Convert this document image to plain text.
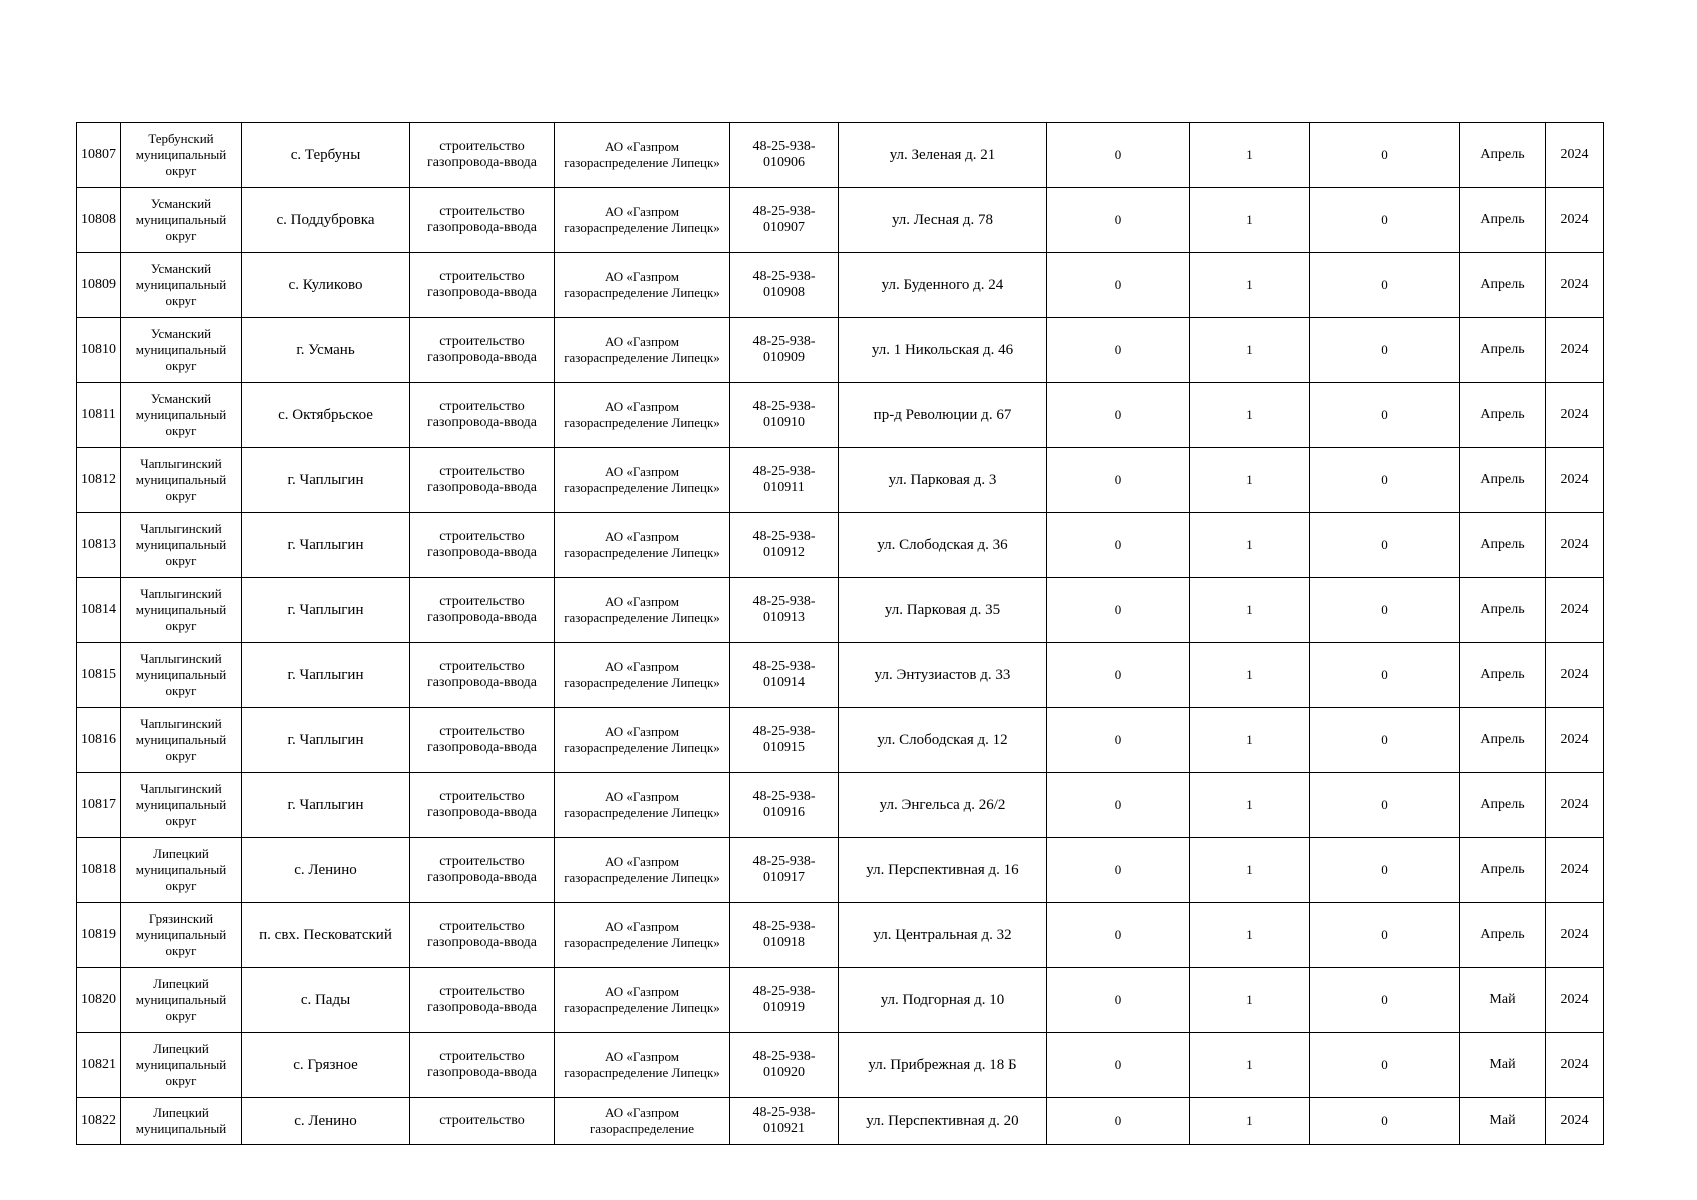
10807	Тербунский муниципальный округ	с. Тербуны	строительство газопровода-ввода	АО «Газпром газораспределение Липецк»	48-25-938-010906	ул. Зеленая д. 21	0	1	0	Апрель	2024
10808	Усманский муниципальный округ	с. Поддубровка	строительство газопровода-ввода	АО «Газпром газораспределение Липецк»	48-25-938-010907	ул. Лесная д. 78	0	1	0	Апрель	2024
10809	Усманский муниципальный округ	с. Куликово	строительство газопровода-ввода	АО «Газпром газораспределение Липецк»	48-25-938-010908	ул. Буденного д. 24	0	1	0	Апрель	2024
10810	Усманский муниципальный округ	г. Усмань	строительство газопровода-ввода	АО «Газпром газораспределение Липецк»	48-25-938-010909	ул. 1 Никольская д. 46	0	1	0	Апрель	2024
10811	Усманский муниципальный округ	с. Октябрьское	строительство газопровода-ввода	АО «Газпром газораспределение Липецк»	48-25-938-010910	пр-д Революции д. 67	0	1	0	Апрель	2024
10812	Чаплыгинский муниципальный округ	г. Чаплыгин	строительство газопровода-ввода	АО «Газпром газораспределение Липецк»	48-25-938-010911	ул. Парковая д. 3	0	1	0	Апрель	2024
10813	Чаплыгинский муниципальный округ	г. Чаплыгин	строительство газопровода-ввода	АО «Газпром газораспределение Липецк»	48-25-938-010912	ул. Слободская д. 36	0	1	0	Апрель	2024
10814	Чаплыгинский муниципальный округ	г. Чаплыгин	строительство газопровода-ввода	АО «Газпром газораспределение Липецк»	48-25-938-010913	ул. Парковая д. 35	0	1	0	Апрель	2024
10815	Чаплыгинский муниципальный округ	г. Чаплыгин	строительство газопровода-ввода	АО «Газпром газораспределение Липецк»	48-25-938-010914	ул. Энтузиастов д. 33	0	1	0	Апрель	2024
10816	Чаплыгинский муниципальный округ	г. Чаплыгин	строительство газопровода-ввода	АО «Газпром газораспределение Липецк»	48-25-938-010915	ул. Слободская д. 12	0	1	0	Апрель	2024
10817	Чаплыгинский муниципальный округ	г. Чаплыгин	строительство газопровода-ввода	АО «Газпром газораспределение Липецк»	48-25-938-010916	ул. Энгельса д. 26/2	0	1	0	Апрель	2024
10818	Липецкий муниципальный округ	с. Ленино	строительство газопровода-ввода	АО «Газпром газораспределение Липецк»	48-25-938-010917	ул. Перспективная д. 16	0	1	0	Апрель	2024
10819	Грязинский муниципальный округ	п. свх. Песковатский	строительство газопровода-ввода	АО «Газпром газораспределение Липецк»	48-25-938-010918	ул. Центральная д. 32	0	1	0	Апрель	2024
10820	Липецкий муниципальный округ	с. Пады	строительство газопровода-ввода	АО «Газпром газораспределение Липецк»	48-25-938-010919	ул. Подгорная д. 10	0	1	0	Май	2024
10821	Липецкий муниципальный округ	с. Грязное	строительство газопровода-ввода	АО «Газпром газораспределение Липецк»	48-25-938-010920	ул. Прибрежная д. 18 Б	0	1	0	Май	2024
10822	Липецкий муниципальный	с. Ленино	строительство	АО «Газпром газораспределение	48-25-938-010921	ул. Перспективная д. 20	0	1	0	Май	2024
